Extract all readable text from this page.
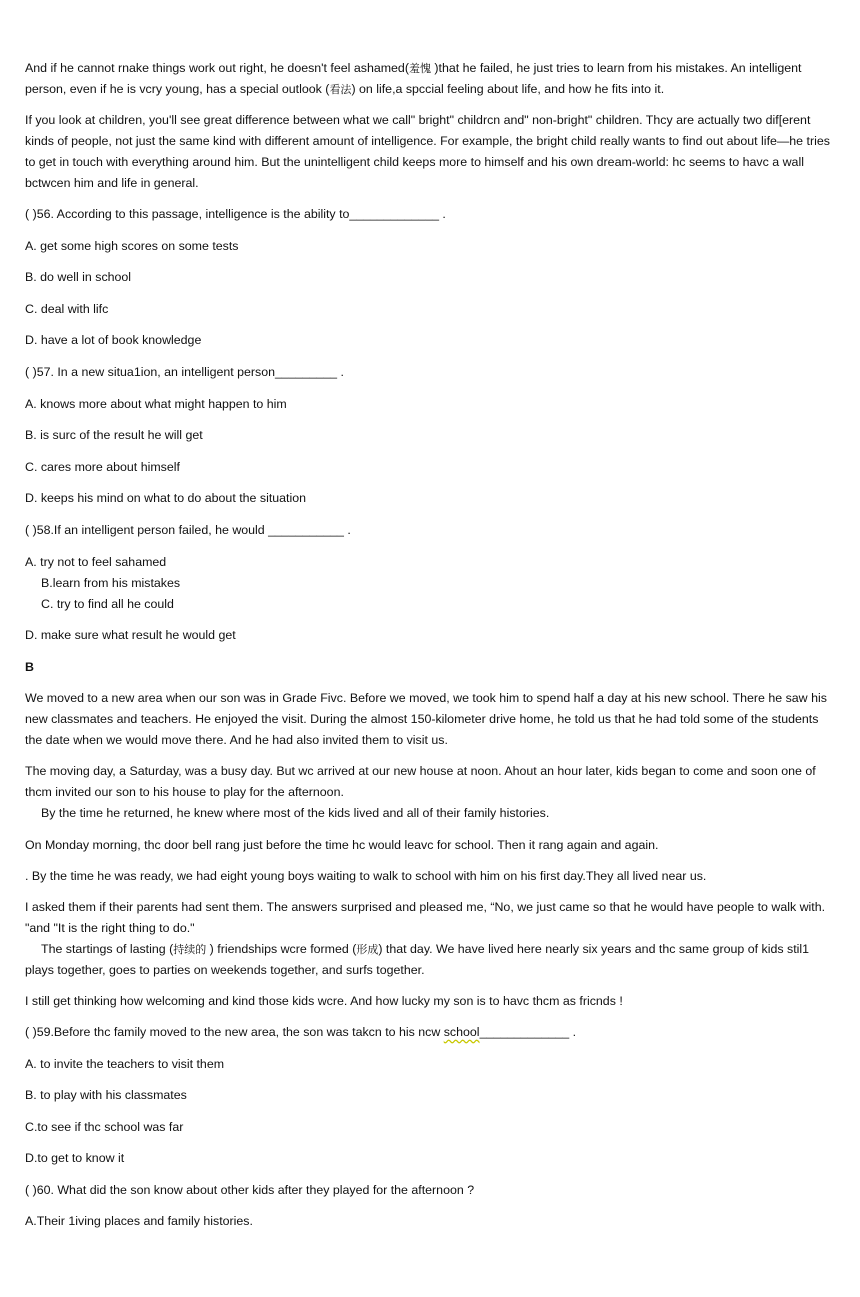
And if he cannot rnake things work out right, he doesn't feel ashamed(羞愧 )that he failed, he just tries to learn from his mistakes. An intelligent person, even if he is vcry young, has a special outlook (看法) on life,a spccial feeling about life, and how he fits into it.

If you look at children, you'll see great difference between what we call" bright" childrcn and" non-bright" children. Thcy are actually two dif[erent kinds of people, not just the same kind with different amount of intelligence. For example, the bright child really wants to find out about life—he tries to get in touch with everything around him. But the unintelligent child keeps more to himself and his own dream-world: hc seems to havc a wall bctwcen him and life in general.

( )56. According to this passage, intelligence is the ability to_____________ .

A. get some high scores on some tests

B. do well in school

C. deal with lifc

D. have a lot of book knowledge

( )57. In a new situa1ion, an intelligent person_________ .

A. knows more about what might happen to him

B. is surc of the result he will get

C. cares more about himself

D. keeps his mind on what to do about the situation

( )58.If an intelligent person failed, he would ___________ .

A. try not to feel sahamed

B.learn from his mistakes

C. try to find all he could

D. make sure what result he would get

B

We moved to a new area when our son was in Grade Fivc. Before we moved, we took him to spend half a day at his new school. There he saw his new classmates and teachers. He enjoyed the visit. During the almost 150-kilometer drive home, he told us that he had told some of the students the date when we would move there. And he had also invited them to visit us.

The moving day, a Saturday, was a busy day. But wc arrived at our new house at noon. Ahout an hour later, kids began to come and soon one of thcm invited our son to his house to play for the afternoon.

By the time he returned, he knew where most of the kids lived and all of their family histories.

On Monday morning, thc door bell rang just before the time hc would leavc for school. Then it rang again and again.

. By the time he was ready, we had eight young boys waiting to walk to school with him on his first day.They all lived near us.

I asked them if their parents had sent them. The answers surprised and pleased me, “No, we just came so that he would have people to walk with. "and "It is the right thing to do."

The startings of lasting (持续的 ) friendships wcre formed (形成) that day. We have lived here nearly six years and thc same group of kids stil1 plays together, goes to parties on weekends together, and surfs together.

I still get thinking how welcoming and kind those kids wcre. And how lucky my son is to havc thcm as fricnds !

( )59.Before thc family moved to the new area, the son was takcn to his ncw school_____________ .

A. to invite the teachers to visit them

B. to play with his classmates

C.to see if thc school was far

D.to get to know it

( )60. What did the son know about other kids after they played for the afternoon ?

A.Their 1iving places and family histories.
